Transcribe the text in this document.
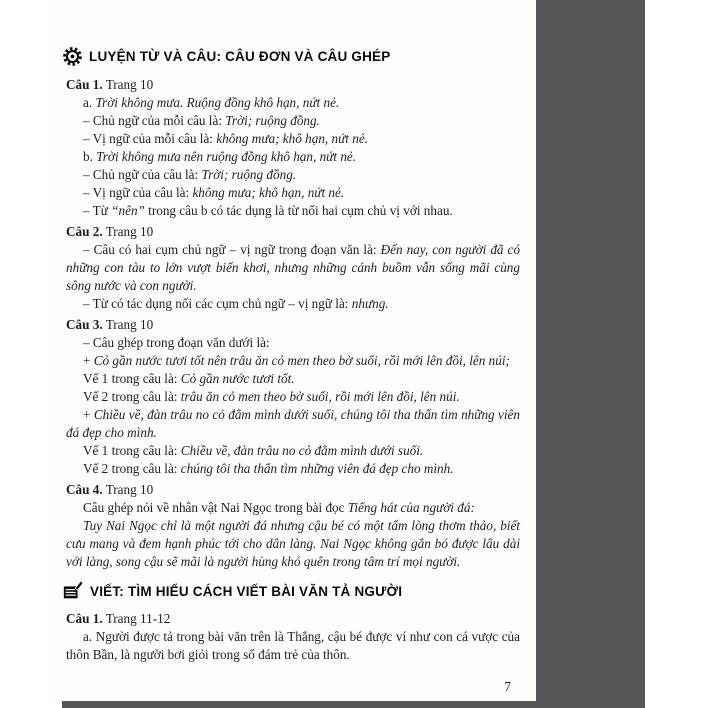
LUYỆN TỪ VÀ CÂU: CÂU ĐƠN VÀ CÂU GHÉP
Câu 1. Trang 10
a. Trời không mưa. Ruộng đồng khô hạn, nứt nẻ.
– Chủ ngữ của mỗi câu là: Trời; ruộng đồng.
– Vị ngữ của mỗi câu là: không mưa; khô hạn, nứt nẻ.
b. Trời không mưa nên ruộng đồng khô hạn, nứt nẻ.
– Chủ ngữ của câu là: Trời; ruộng đồng.
– Vị ngữ của câu là: không mưa; khô hạn, nứt nẻ.
– Từ “nên” trong câu b có tác dụng là từ nối hai cụm chủ vị với nhau.
Câu 2. Trang 10
– Câu có hai cụm chủ ngữ – vị ngữ trong đoạn văn là: Đến nay, con người đã có những con tàu to lớn vượt biển khơi, nhưng những cánh buồm vẫn sống mãi cùng sông nước và con người.
– Từ có tác dụng nối các cụm chủ ngữ – vị ngữ là: nhưng.
Câu 3. Trang 10
– Câu ghép trong đoạn văn dưới là:
+ Cỏ gần nước tươi tốt nên trâu ăn cỏ men theo bờ suối, rồi mới lên đồi, lên núi;
Vế 1 trong câu là: Cỏ gần nước tươi tốt.
Vế 2 trong câu là: trâu ăn cỏ men theo bờ suối, rồi mới lên đồi, lên núi.
+ Chiều về, đàn trâu no cỏ đằm mình dưới suối, chúng tôi tha thẩn tìm những viên đá đẹp cho mình.
Vế 1 trong câu là: Chiều về, đàn trâu no cỏ đằm mình dưới suối.
Vế 2 trong câu là: chúng tôi tha thẩn tìm những viên đá đẹp cho mình.
Câu 4. Trang 10
Câu ghép nói về nhân vật Nai Ngọc trong bài đọc Tiếng hát của người đá:
Tuy Nai Ngọc chỉ là một người đá nhưng cậu bé có một tấm lòng thơm thảo, biết cưu mang và đem hạnh phúc tới cho dân làng. Nai Ngọc không gắn bó được lâu dài với làng, song cậu sẽ mãi là người hùng khó quên trong tâm trí mọi người.
VIẾT: TÌM HIỂU CÁCH VIẾT BÀI VĂN TẢ NGƯỜI
Câu 1. Trang 11-12
a. Người được tả trong bài văn trên là Thắng, cậu bé được ví như con cá vược của thôn Bần, là người bơi giỏi trong số đám trẻ của thôn.
7
